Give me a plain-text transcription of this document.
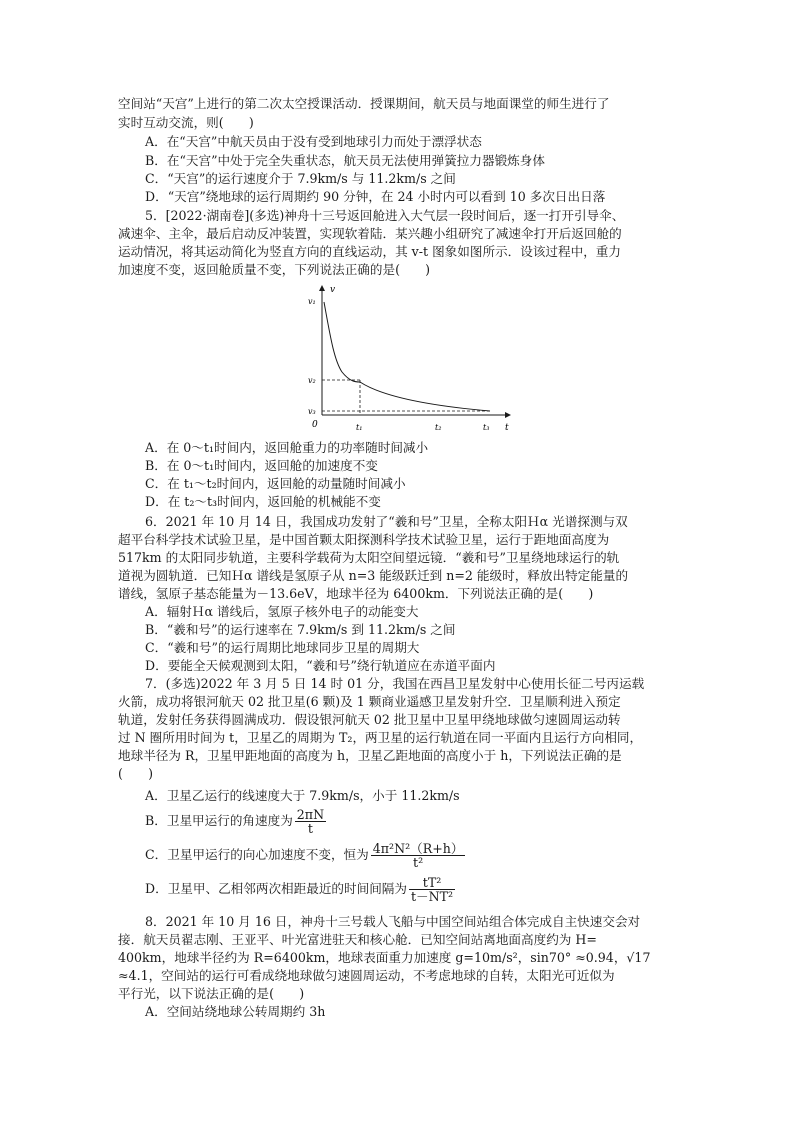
空间站“天宫”上进行的第二次太空授课活动．授课期间，航天员与地面课堂的师生进行了
实时互动交流，则(　　)
A．在“天宫”中航天员由于没有受到地球引力而处于漂浮状态
B．在“天宫”中处于完全失重状态，航天员无法使用弹簧拉力器锻炼身体
C．“天宫”的运行速度介于 7.9km/s 与 11.2km/s 之间
D．“天宫”绕地球的运行周期约 90 分钟，在 24 小时内可以看到 10 多次日出日落
5．[2022·湖南卷](多选)神舟十三号返回舱进入大气层一段时间后，逐一打开引导伞、
减速伞、主伞，最后启动反冲装置，实现软着陆．某兴趣小组研究了减速伞打开后返回舱的
运动情况，将其运动简化为竖直方向的直线运动，其 v-t 图象如图所示．设该过程中，重力
加速度不变，返回舱质量不变，下列说法正确的是(　　)
v
t
0
v₁
v₂
v₃
t₁	t₂	t₃
A．在 0～t₁时间内，返回舱重力的功率随时间减小
B．在 0～t₁时间内，返回舱的加速度不变
C．在 t₁～t₂时间内，返回舱的动量随时间减小
D．在 t₂～t₃时间内，返回舱的机械能不变
6．2021 年 10 月 14 日，我国成功发射了“羲和号”卫星，全称太阳Ｈα 光谱探测与双
超平台科学技术试验卫星，是中国首颗太阳探测科学技术试验卫星，运行于距地面高度为
517km 的太阳同步轨道，主要科学载荷为太阳空间望远镜．“羲和号”卫星绕地球运行的轨
道视为圆轨道．已知Ｈα 谱线是氢原子从 n=3 能级跃迁到 n=2 能级时，释放出特定能量的
谱线，氢原子基态能量为－13.6eV，地球半径为 6400km．下列说法正确的是(　　)
A．辐射Ｈα 谱线后，氢原子核外电子的动能变大
B．“羲和号”的运行速率在 7.9km/s 到 11.2km/s 之间
C．“羲和号”的运行周期比地球同步卫星的周期大
D．要能全天候观测到太阳，“羲和号”绕行轨道应在赤道平面内
7．(多选)2022 年 3 月 5 日 14 时 01 分，我国在西昌卫星发射中心使用长征二号丙运载
火箭，成功将银河航天 02 批卫星(6 颗)及 1 颗商业遥感卫星发射升空．卫星顺利进入预定
轨道，发射任务获得圆满成功．假设银河航天 02 批卫星中卫星甲绕地球做匀速圆周运动转
过 N 圈所用时间为 t，卫星乙的周期为 T₂，两卫星的运行轨道在同一平面内且运行方向相同，
地球半径为 R，卫星甲距地面的高度为 h，卫星乙距地面的高度小于 h，下列说法正确的是
(　　)
A．卫星乙运行的线速度大于 7.9km/s，小于 11.2km/s
B．卫星甲运行的角速度为 $\frac{2\pi N}{t}$
C．卫星甲运行的向心加速度不变，恒为 $\frac{\text{4π²N²（R+h）}}{\text{t²}}$
D．卫星甲、乙相邻两次相距最近的时间间隔为 $\frac{\text{tT²}}{\text{t－NT²}}$
8．2021 年 10 月 16 日，神舟十三号载人飞船与中国空间站组合体完成自主快速交会对
接．航天员翟志刚、王亚平、叶光富进驻天和核心舱．已知空间站离地面高度约为 H=
400km，地球半径约为 R=6400km，地球表面重力加速度 g=10m/s²，sin70° ≈0.94，√17
≈4.1，空间站的运行可看成绕地球做匀速圆周运动，不考虑地球的自转，太阳光可近似为
平行光，以下说法正确的是(　　)
A．空间站绕地球公转周期约 3h
